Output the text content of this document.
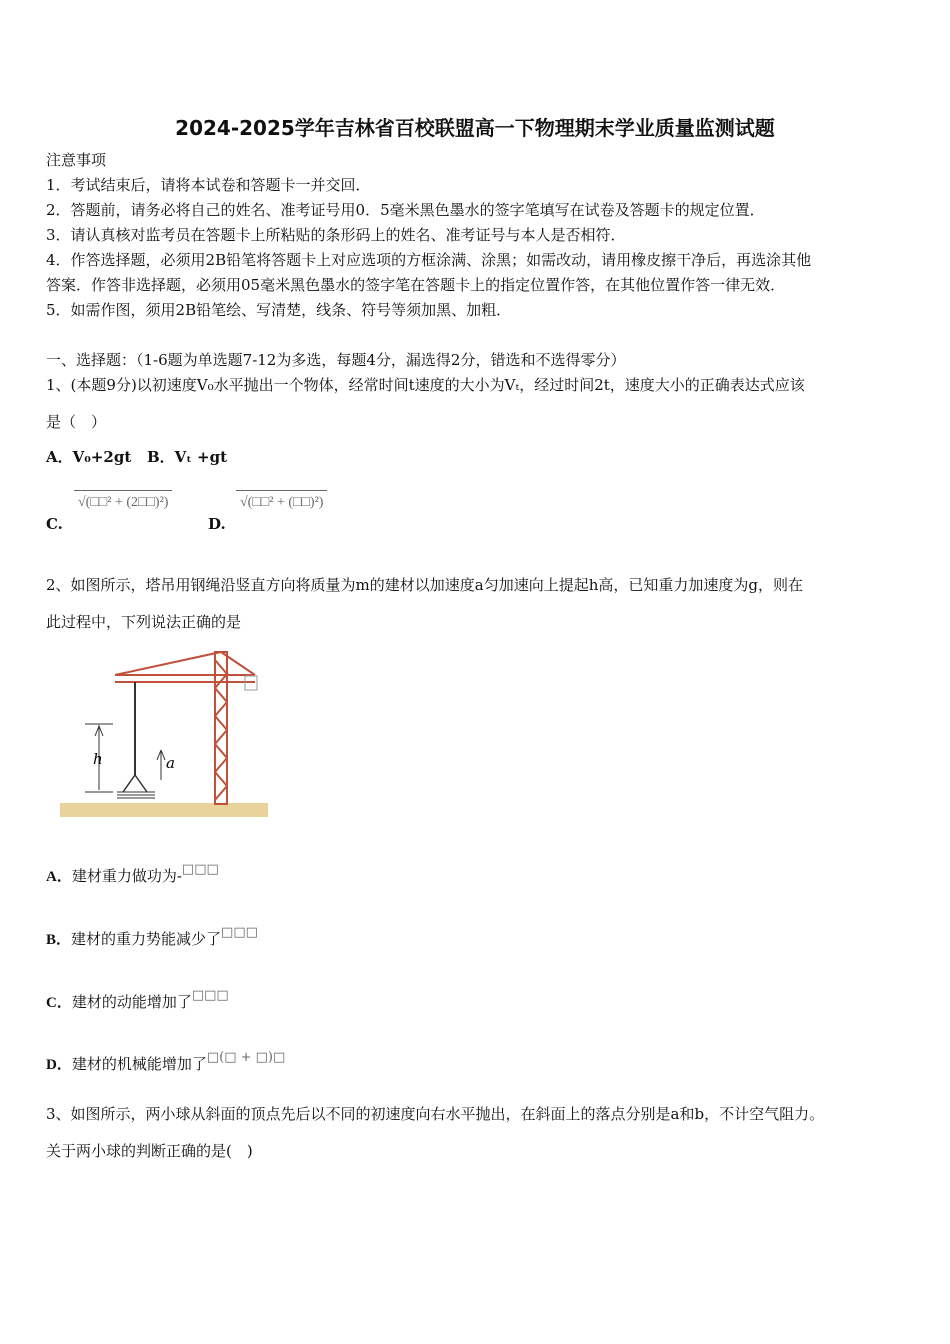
2024-2025学年吉林省百校联盟高一下物理期末学业质量监测试题
注意事项
1．考试结束后，请将本试卷和答题卡一并交回．
2．答题前，请务必将自己的姓名、准考证号用0．5毫米黑色墨水的签字笔填写在试卷及答题卡的规定位置．
3．请认真核对监考员在答题卡上所粘贴的条形码上的姓名、准考证号与本人是否相符．
4．作答选择题，必须用2B铅笔将答题卡上对应选项的方框涂满、涂黑；如需改动，请用橡皮擦干净后，再选涂其他
答案．作答非选择题，必须用05毫米黑色墨水的签字笔在答题卡上的指定位置作答，在其他位置作答一律无效．
5．如需作图，须用2B铅笔绘、写清楚，线条、符号等须加黑、加粗．
一、选择题：（1-6题为单选题7-12为多选，每题4分，漏选得2分，错选和不选得零分）
1、(本题9分)以初速度V₀水平抛出一个物体，经常时间t速度的大小为Vₜ，经过时间2t，速度大小的正确表达式应该
是（　）
A．V₀+2gt B．Vₜ +gt
C.
√(□□² + (2□□)²)
D.
√(□□² + (□□)²)
2、如图所示，塔吊用钢绳沿竖直方向将质量为m的建材以加速度a匀加速向上提起h高，已知重力加速度为g，则在
此过程中，下列说法正确的是
h	a
A．建材重力做功为-□□□
B．建材的重力势能减少了□□□
C．建材的动能增加了□□□
D．建材的机械能增加了□(□ + □)□
3、如图所示，两小球从斜面的顶点先后以不同的初速度向右水平抛出，在斜面上的落点分别是a和b，不计空气阻力。
关于两小球的判断正确的是(　)
